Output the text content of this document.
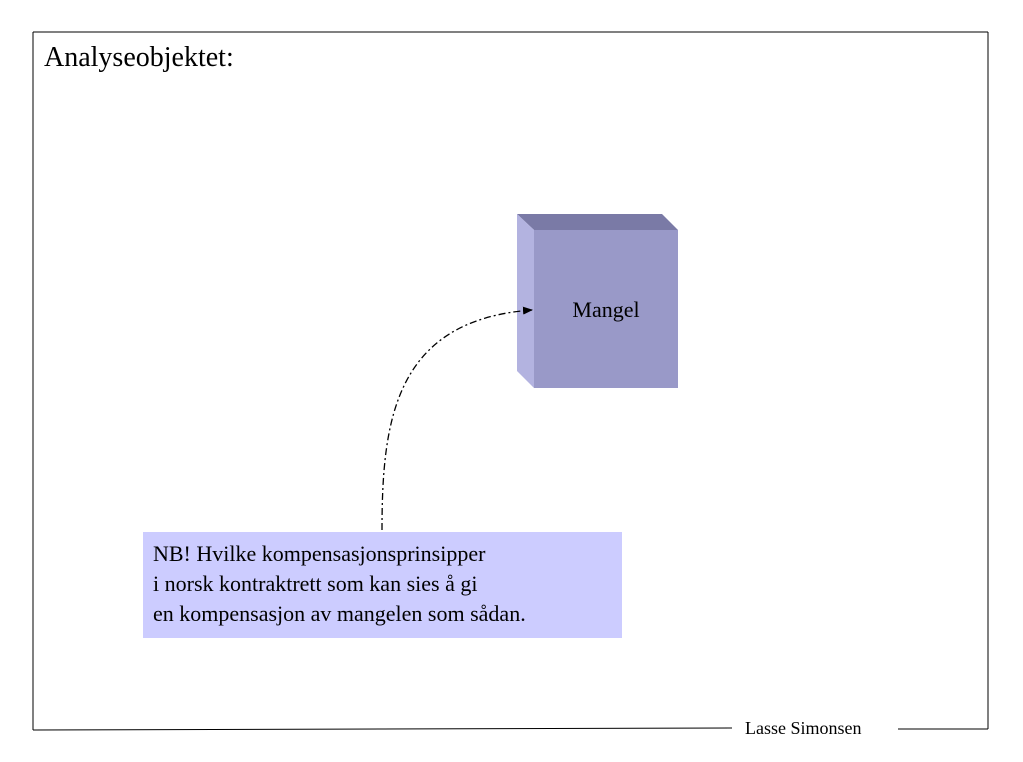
Analyseobjektet:
Mangel
NB! Hvilke kompensasjonsprinsipper
i norsk kontraktrett som kan sies å gi
en kompensasjon av mangelen som sådan.
Lasse Simonsen
